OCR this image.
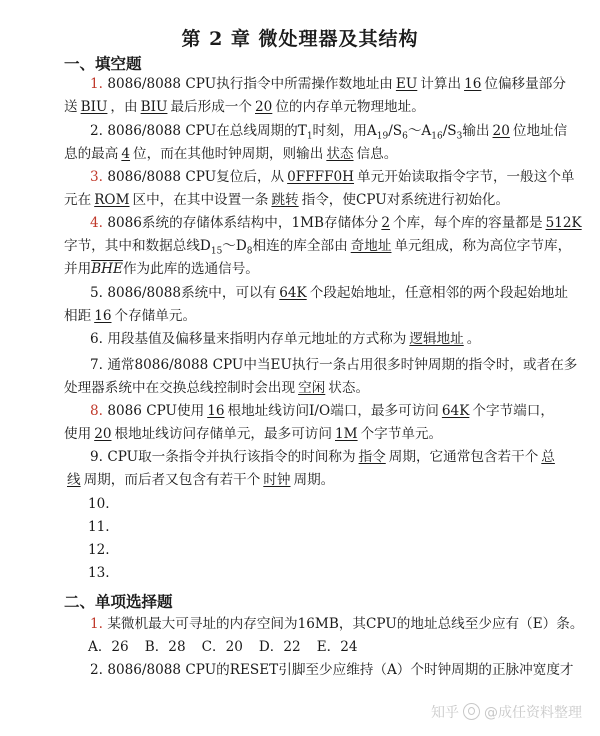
第 2 章 微处理器及其结构
一、填空题
1. 8086/8088 CPU执行指令中所需操作数地址由 EU 计算出 16 位偏移量部分
送 BIU ，由 BIU 最后形成一个 20 位的内存单元物理地址。
2. 8086/8088 CPU在总线周期的$T_1$时刻，用$A_{19}/S_6\sim A_{16}/S_3$输出 20 位地址信
息的最高 4 位，而在其他时钟周期，则输出 状态 信息。
3. 8086/8088 CPU复位后，从 0FFFF0H 单元开始读取指令字节，一般这个单
元在 ROM 区中，在其中设置一条 跳转 指令，使CPU对系统进行初始化。
4. 8086系统的存储体系结构中，1MB存储体分 2 个库，每个库的容量都是 512K
字节，其中和数据总线$D_{15}\sim D_8$相连的库全部由 奇地址 单元组成，称为高位字节库，
并用$\overline{BHE}$作为此库的选通信号。
5. 8086/8088系统中，可以有 64K 个段起始地址，任意相邻的两个段起始地址
相距 16 个存储单元。
6. 用段基值及偏移量来指明内存单元地址的方式称为 逻辑地址 。
7. 通常8086/8088 CPU中当EU执行一条占用很多时钟周期的指令时，或者在多
处理器系统中在交换总线控制时会出现 空闲 状态。
8. 8086 CPU使用 16 根地址线访问I/O端口，最多可访问 64K 个字节端口，
使用 20 根地址线访问存储单元，最多可访问 1M 个字节单元。
9. CPU取一条指令并执行该指令的时间称为 指令 周期，它通常包含若干个 总
线 周期，而后者又包含有若干个 时钟 周期。
10.
11.
12.
13.
二、单项选择题
1. 某微机最大可寻址的内存空间为16MB，其CPU的地址总线至少应有（E）条。
A．26 B．28 C．20 D．22 E．24
2. 8086/8088 CPU的RESET引脚至少应维持（A）个时钟周期的正脉冲宽度才
知乎 @成任资料整理
